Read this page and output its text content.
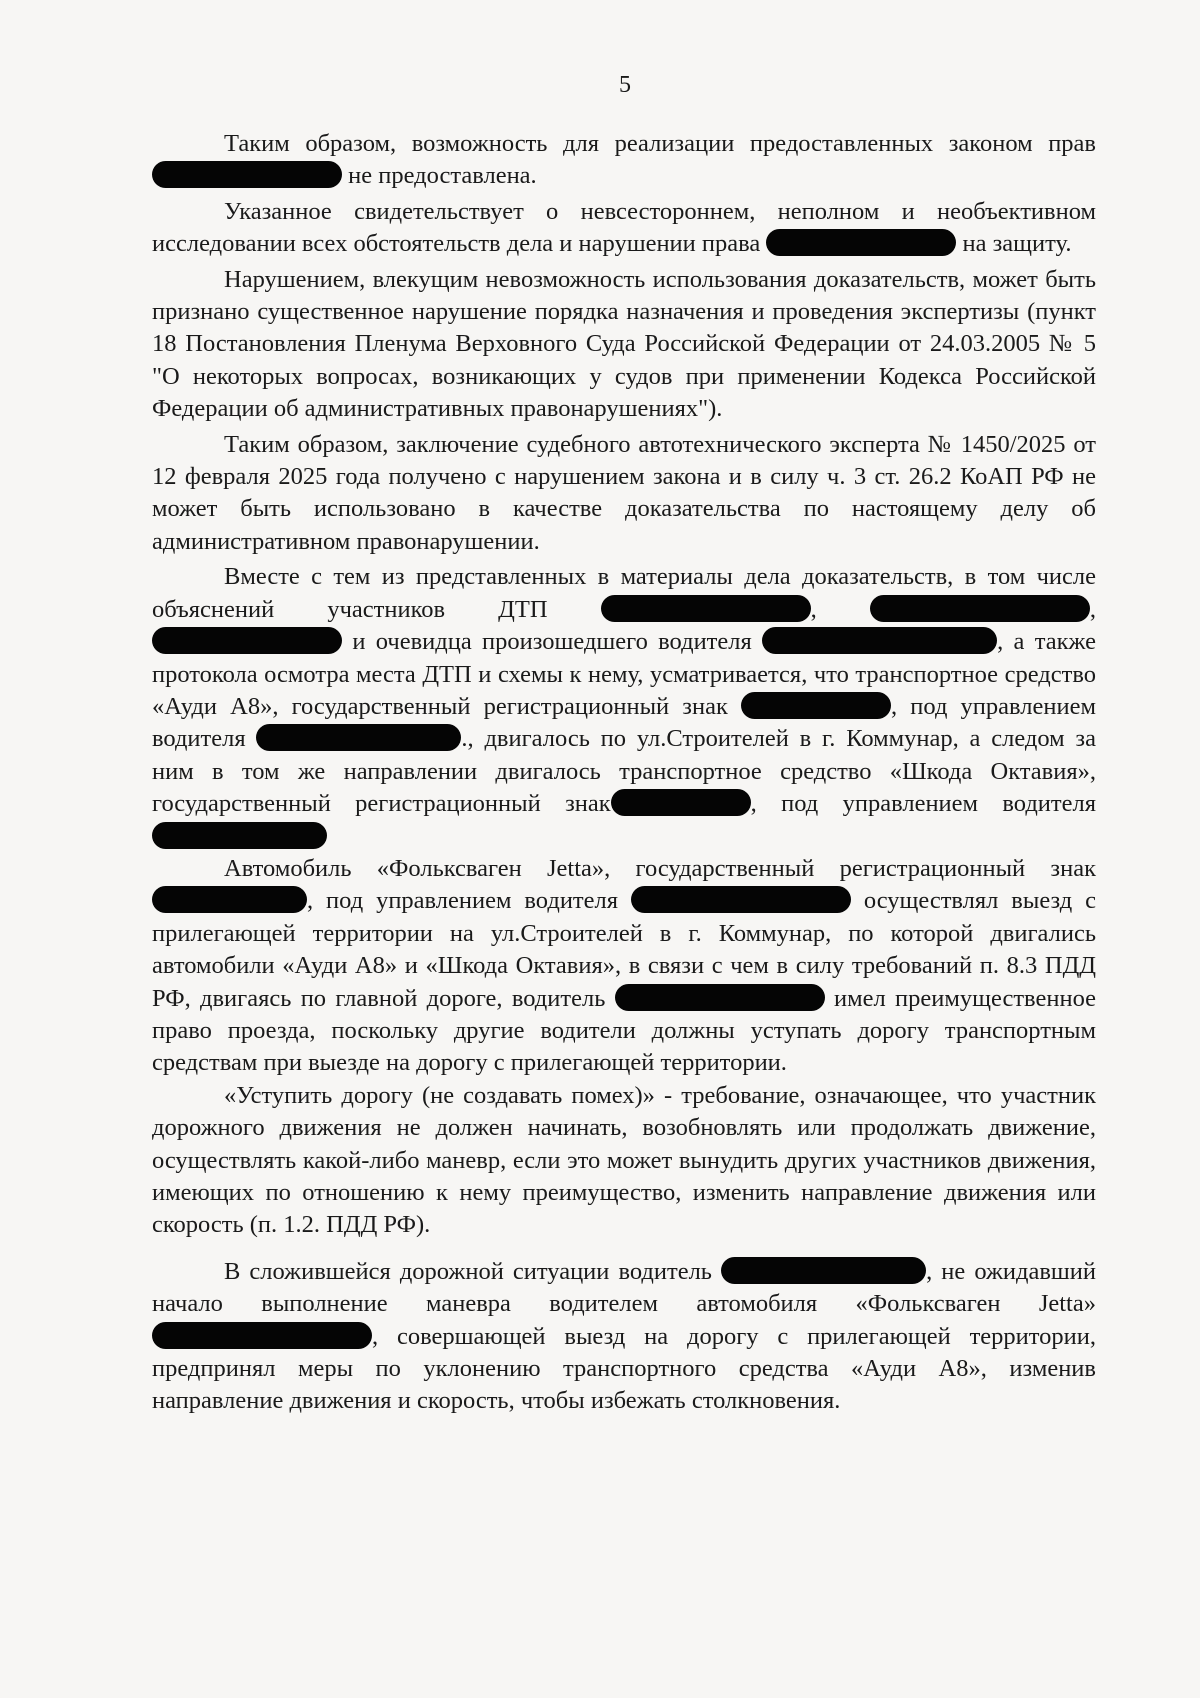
5

Таким образом, возможность для реализации предоставленных законом прав не предоставлена.

Указанное свидетельствует о невсестороннем, неполном и необъективном исследовании всех обстоятельств дела и нарушении права	на защиту.

Нарушением, влекущим невозможность использования доказательств, может быть признано существенное нарушение порядка назначения и проведения экспертизы (пункт 18 Постановления Пленума Верховного Суда Российской Федерации от 24.03.2005 № 5 "О некоторых вопросах, возникающих у судов при применении Кодекса Российской Федерации об административных правонарушениях").

Таким образом, заключение судебного автотехнического эксперта № 1450/2025 от 12 февраля 2025 года получено с нарушением закона и в силу ч. 3 ст. 26.2 КоАП РФ не может быть использовано в качестве доказательства по настоящему делу об административном правонарушении.

Вместе с тем из представленных в материалы дела доказательств, в том числе объяснений участников ДТП	,	,  и очевидца произошедшего водителя	, а также протокола осмотра места ДТП и схемы к нему, усматривается, что транспортное средство «Ауди А8», государственный регистрационный знак	, под управлением водителя	., двигалось по ул.Строителей в г. Коммунар, а следом за ним в том же направлении двигалось транспортное средство «Шкода Октавия», государственный регистрационный знак	, под управлением водителя

Автомобиль «Фольксваген Jetta», государственный регистрационный знак, под управлением водителя	осуществлял выезд с прилегающей территории на ул.Строителей в г. Коммунар, по которой двигались автомобили «Ауди А8» и «Шкода Октавия», в связи с чем в силу требований п. 8.3 ПДД РФ, двигаясь по главной дороге, водитель	имел преимущественное право проезда, поскольку другие водители должны уступать дорогу транспортным средствам при выезде на дорогу с прилегающей территории.

«Уступить дорогу (не создавать помех)» - требование, означающее, что участник дорожного движения не должен начинать, возобновлять или продолжать движение, осуществлять какой-либо маневр, если это может вынудить других участников движения, имеющих по отношению к нему преимущество, изменить направление движения или скорость (п. 1.2. ПДД РФ).

В сложившейся дорожной ситуации водитель	, не ожидавший начало выполнение маневра водителем автомобиля «Фольксваген Jetta» , совершающей выезд на дорогу с прилегающей территории, предпринял меры по уклонению транспортного средства «Ауди А8», изменив направление движения и скорость, чтобы избежать столкновения.
